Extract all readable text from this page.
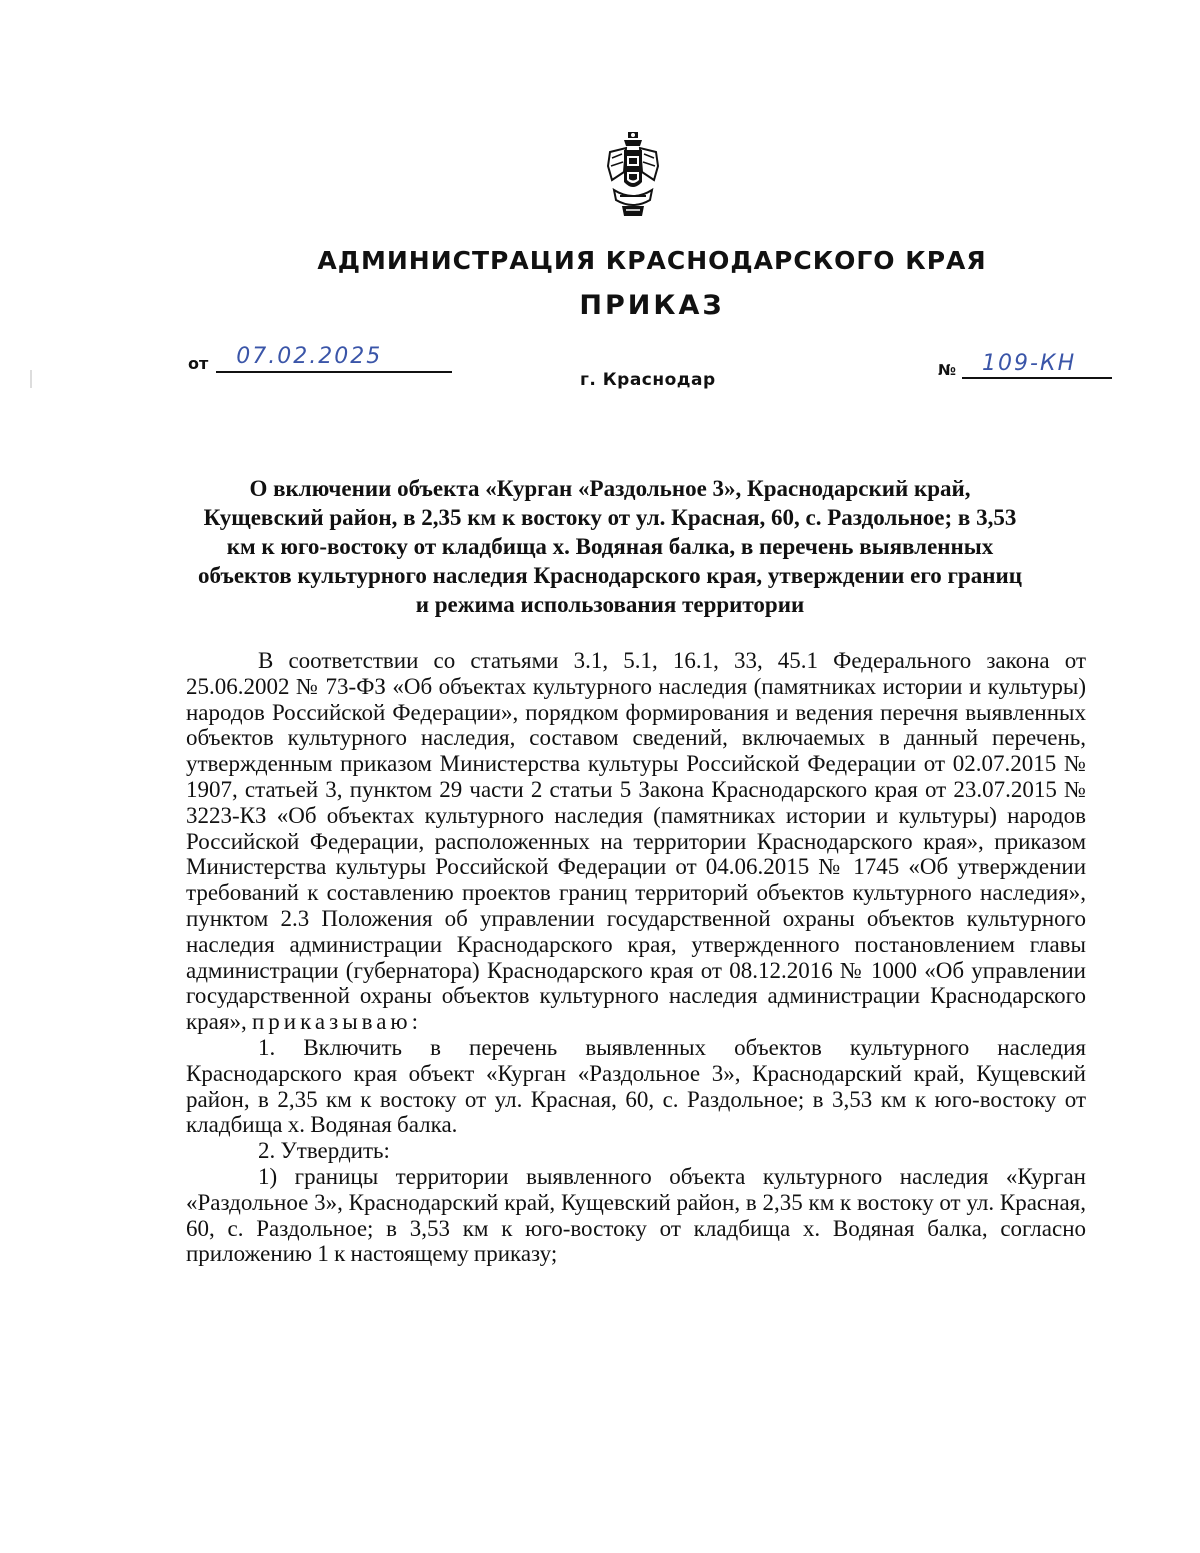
АДМИНИСТРАЦИЯ КРАСНОДАРСКОГО КРАЯ
ПРИКАЗ
от	07.02.2025
№	109-КН
г. Краснодар
О включении объекта «Курган «Раздольное 3», Краснодарский край, Кущевский район, в 2,35 км к востоку от ул. Красная, 60, с. Раздольное; в 3,53 км к юго-востоку от кладбища х. Водяная балка, в перечень выявленных объектов культурного наследия Краснодарского края, утверждении его границ и режима использования территории

В соответствии со статьями 3.1, 5.1, 16.1, 33, 45.1 Федерального закона от 25.06.2002 № 73-ФЗ «Об объектах культурного наследия (памятниках истории и культуры) народов Российской Федерации», порядком формирования и ведения перечня выявленных объектов культурного наследия, составом сведений, включаемых в данный перечень, утвержденным приказом Министерства культуры Российской Федерации от 02.07.2015 № 1907, статьей 3, пунктом 29 части 2 статьи 5 Закона Краснодарского края от 23.07.2015 № 3223-КЗ «Об объектах культурного наследия (памятниках истории и культуры) народов Российской Федерации, расположенных на территории Краснодарского края», приказом Министерства культуры Российской Федерации от 04.06.2015 № 1745 «Об утверждении требований к составлению проектов границ территорий объектов культурного наследия», пунктом 2.3 Положения об управлении государственной охраны объектов культурного наследия администрации Краснодарского края, утвержденного постановлением главы администрации (губернатора) Краснодарского края от 08.12.2016 № 1000 «Об управлении государственной охраны объектов культурного наследия администрации Краснодарского края», приказываю:

1. Включить в перечень выявленных объектов культурного наследия Краснодарского края объект «Курган «Раздольное 3», Краснодарский край, Кущевский район, в 2,35 км к востоку от ул. Красная, 60, с. Раздольное; в 3,53 км к юго-востоку от кладбища х. Водяная балка.

2. Утвердить:

1) границы территории выявленного объекта культурного наследия «Курган «Раздольное 3», Краснодарский край, Кущевский район, в 2,35 км к востоку от ул. Красная, 60, с. Раздольное; в 3,53 км к юго-востоку от кладбища х. Водяная балка, согласно приложению 1 к настоящему приказу;
